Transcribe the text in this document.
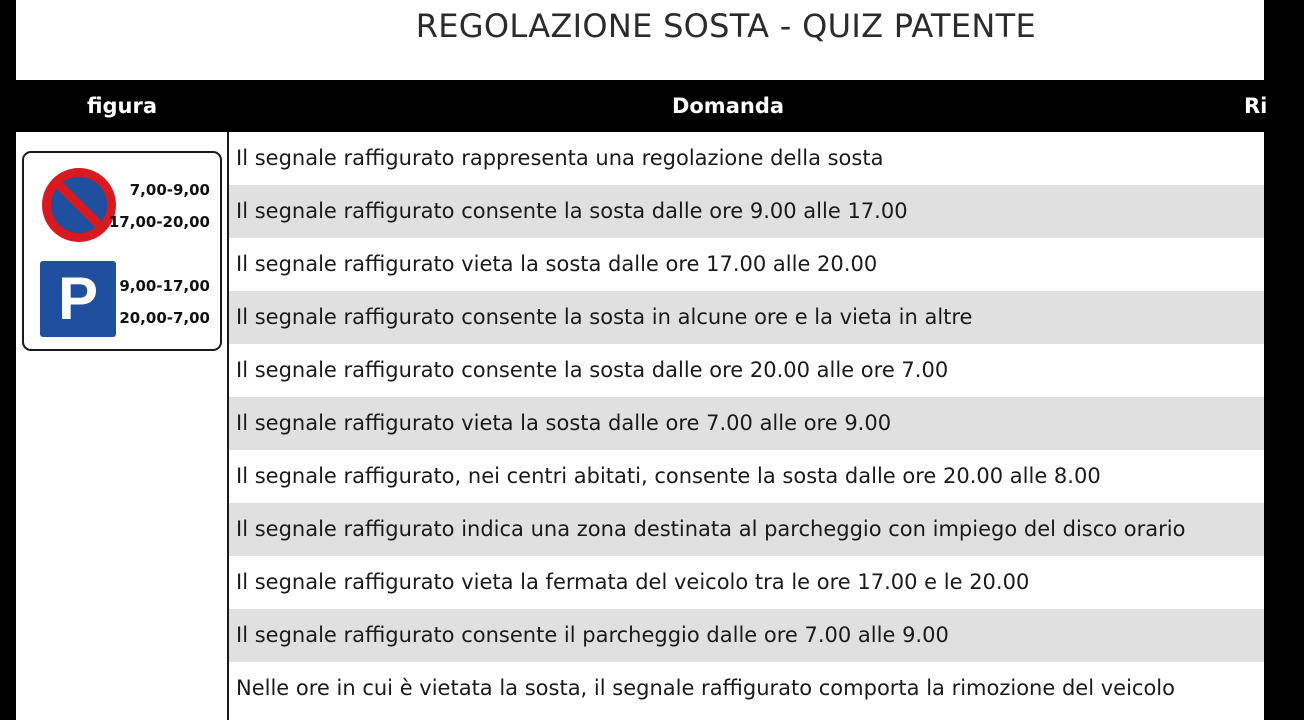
REGOLAZIONE SOSTA - QUIZ PATENTE
figura	Domanda	Ri
7,00-9,00
17,00-20,00
P	9,00-17,00
20,00-7,00
Il segnale raffigurato rappresenta una regolazione della sosta
Il segnale raffigurato consente la sosta dalle ore 9.00 alle 17.00
Il segnale raffigurato vieta la sosta dalle ore 17.00 alle 20.00
Il segnale raffigurato consente la sosta in alcune ore e la vieta in altre
Il segnale raffigurato consente la sosta dalle ore 20.00 alle ore 7.00
Il segnale raffigurato vieta la sosta dalle ore 7.00 alle ore 9.00
Il segnale raffigurato, nei centri abitati, consente la sosta dalle ore 20.00 alle 8.00
Il segnale raffigurato indica una zona destinata al parcheggio con impiego del disco orario
Il segnale raffigurato vieta la fermata del veicolo tra le ore 17.00 e le 20.00
Il segnale raffigurato consente il parcheggio dalle ore 7.00 alle 9.00
Nelle ore in cui è vietata la sosta, il segnale raffigurato comporta la rimozione del veicolo
